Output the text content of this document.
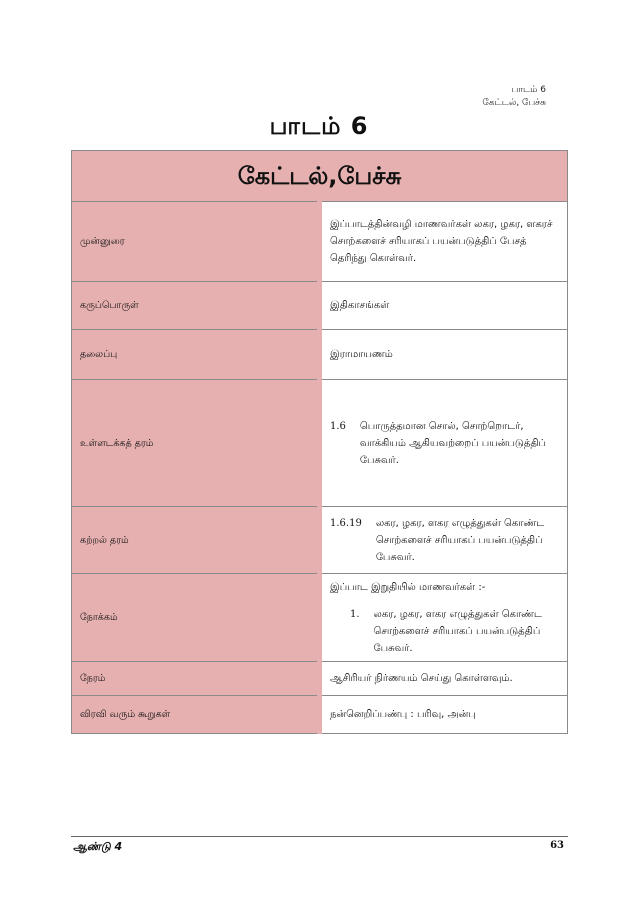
பாடம் 6
கேட்டல், பேச்சு
பாடம் 6
கேட்டல்,பேச்சு	
முன்னுரை	இப்பாடத்தின்வழி மாணவர்கள் லகர, ழகர, ளகரச் சொற்களைச் சரியாகப் பயன்படுத்திப் பேசத் தெரிந்து கொள்வர்.
கருப்பொருள்	இதிகாசங்கள்
தலைப்பு	இராமாயணம்
உள்ளடக்கத் தரம்	1.6 பொருத்தமான சொல், சொற்றொடர், வாக்கியம் ஆகியவற்றைப் பயன்படுத்திப் பேசுவர்.

கற்றல் தரம்	1.6.19 லகர, ழகர, ளகர எழுத்துகள் கொண்ட சொற்களைச் சரியாகப் பயன்படுத்திப் பேசுவர்.

நோக்கம்	இப்பாட இறுதியில் மாணவர்கள் :-
1. லகர, ழகர, ளகர எழுத்துகள் கொண்ட சொற்களைச் சரியாகப் பயன்படுத்திப் பேசுவர்.

நேரம்	ஆசிரியர் நிர்ணயம் செய்து கொள்ளவும்.
விரவி வரும் கூறுகள்	நன்னெறிப்பண்பு : பரிவு, அன்பு
ஆண்டு 4	63
